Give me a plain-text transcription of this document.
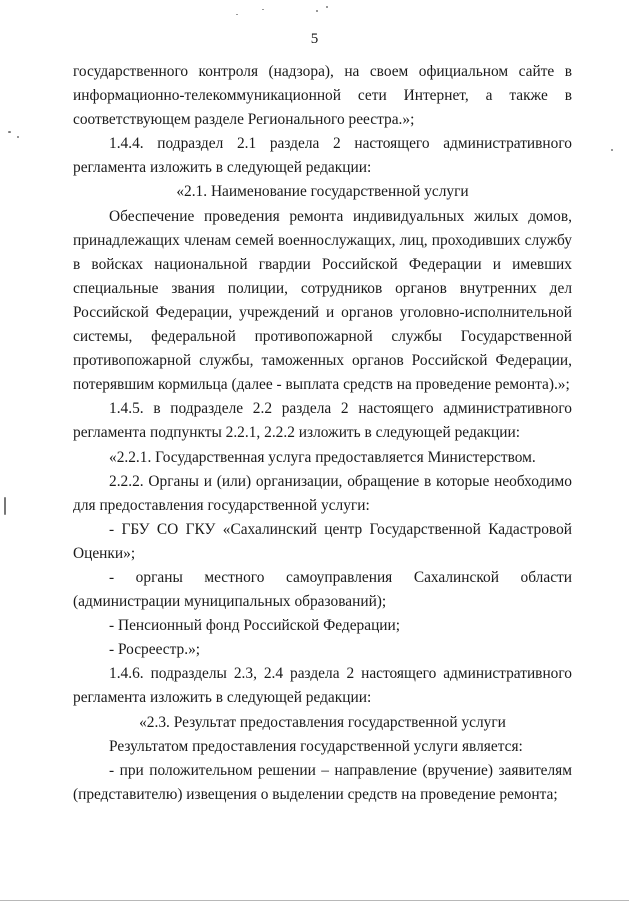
5

государственного контроля (надзора), на своем официальном сайте в информационно-телекоммуникационной сети Интернет, а также в соответствующем разделе Регионального реестра.»;

1.4.4. подраздел 2.1 раздела 2 настоящего административного регламента изложить в следующей редакции:

«2.1. Наименование государственной услуги

Обеспечение проведения ремонта индивидуальных жилых домов, принадлежащих членам семей военнослужащих, лиц, проходивших службу в войсках национальной гвардии Российской Федерации и имевших специальные звания полиции, сотрудников органов внутренних дел Российской Федерации, учреждений и органов уголовно-исполнительной системы, федеральной противопожарной службы Государственной противопожарной службы, таможенных органов Российской Федерации, потерявшим кормильца (далее - выплата средств на проведение ремонта).»;

1.4.5. в подразделе 2.2 раздела 2 настоящего административного регламента подпункты 2.2.1, 2.2.2 изложить в следующей редакции:

«2.2.1. Государственная услуга предоставляется Министерством.

2.2.2. Органы и (или) организации, обращение в которые необходимо для предоставления государственной услуги:

- ГБУ СО ГКУ «Сахалинский центр Государственной Кадастровой Оценки»;

- органы местного самоуправления Сахалинской области (администрации муниципальных образований);

- Пенсионный фонд Российской Федерации;

- Росреестр.»;

1.4.6. подразделы 2.3, 2.4 раздела 2 настоящего административного регламента изложить в следующей редакции:

«2.3. Результат предоставления государственной услуги

Результатом предоставления государственной услуги является:

- при положительном решении – направление (вручение) заявителям (представителю) извещения о выделении средств на проведение ремонта;
